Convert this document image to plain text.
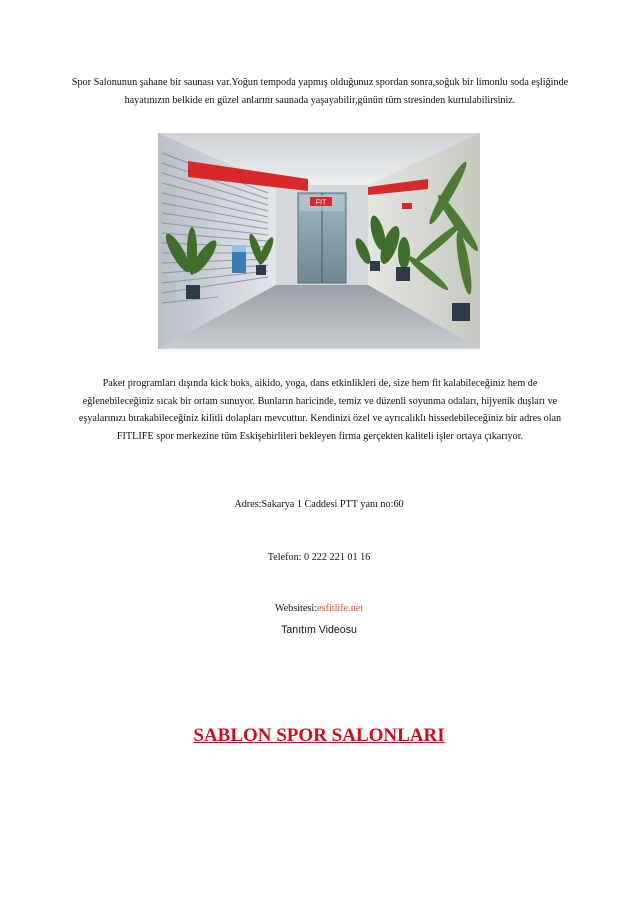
Spor Salonunun şahane bir saunası var.Yoğun tempoda yapmış olduğunuz spordan sonra,soğuk bir limonlu soda eşliğinde hayatınızın belkide en güzel anlarını saunada yaşayabilir,günün tüm stresinden kurtulabilirsiniz.
FIT
Paket programları dışında kick boks, aikido, yoga, dans etkinlikleri de, size hem fit kalabileceğiniz hem de eğlenebileceğiniz sıcak bir ortam sunuyor. Bunların haricinde, temiz ve düzenli soyunma odaları, hijyenik duşları ve eşyalarınızı bırakabileceğiniz kilitli dolapları mevcuttur. Kendinizi özel ve ayrıcalıklı hissedebileceğiniz bir adres olan FITLIFE spor merkezine tüm Eskişehirlileri bekleyen firma gerçekten kaliteli işler ortaya çıkarıyor.
Adres:Sakarya 1 Caddesi PTT yanı no:60
Telefon: 0 222 221 01 16
Websitesi:esfitlife.net
Tanıtım Videosu
SABLON SPOR SALONLARI
